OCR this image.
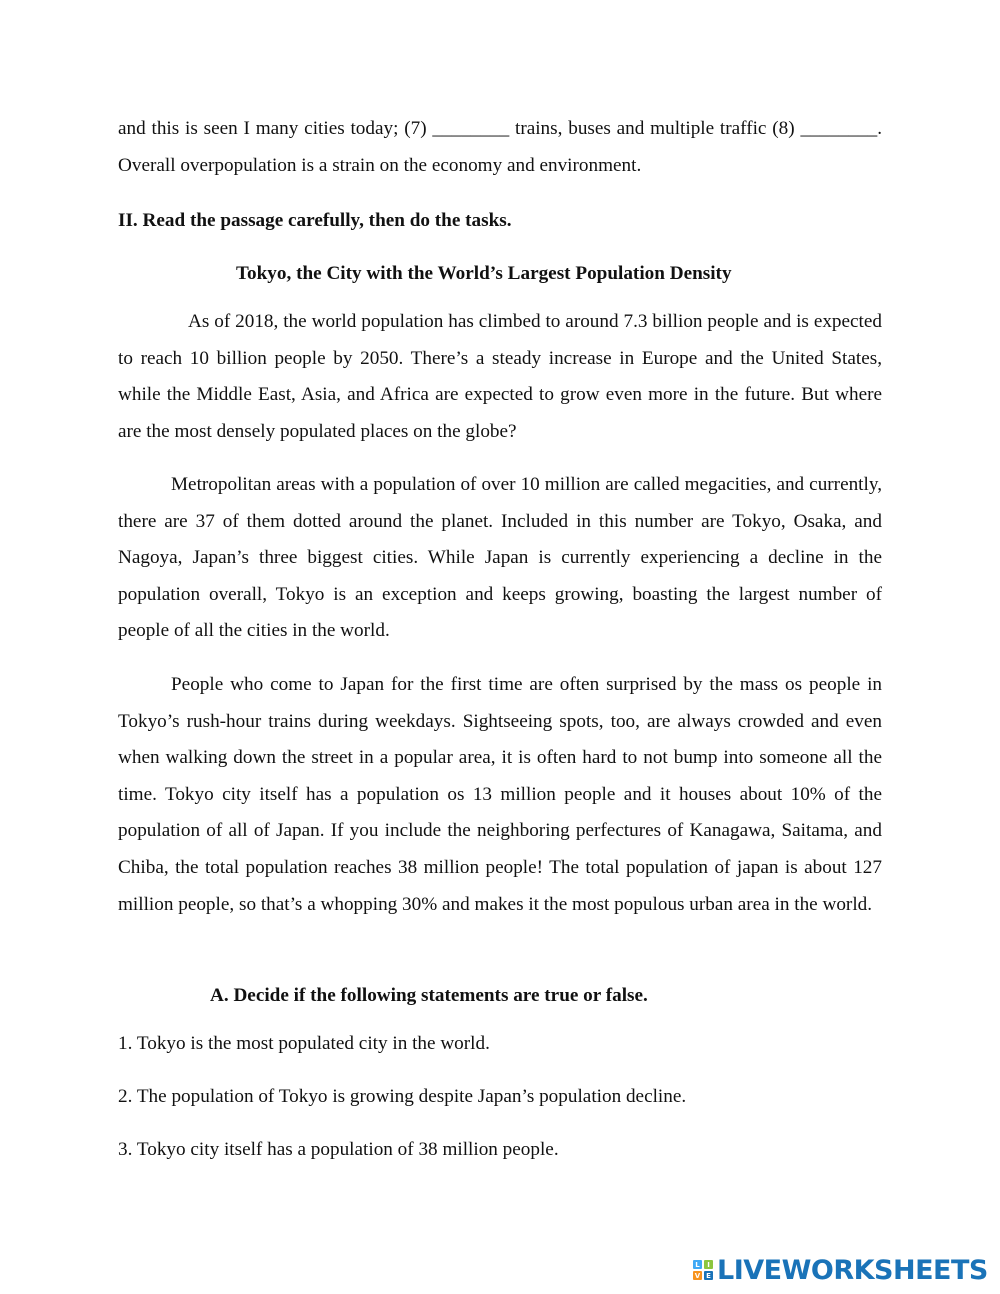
and this is seen I many cities today; (7) ________ trains, buses and multiple traffic (8) ________. Overall overpopulation is a strain on the economy and environment.

II. Read the passage carefully, then do the tasks.

Tokyo, the City with the World’s Largest Population Density

As of 2018, the world population has climbed to around 7.3 billion people and is expected to reach 10 billion people by 2050. There’s a steady increase in Europe and the United States, while the Middle East, Asia, and Africa are expected to grow even more in the future. But where are the most densely populated places on the globe?

Metropolitan areas with a population of over 10 million are called megacities, and currently, there are 37 of them dotted around the planet. Included in this number are Tokyo, Osaka, and Nagoya, Japan’s three biggest cities. While Japan is currently experiencing a decline in the population overall, Tokyo is an exception and keeps growing, boasting the largest number of people of all the cities in the world.

People who come to Japan for the first time are often surprised by the mass os people in Tokyo’s rush-hour trains during weekdays. Sightseeing spots, too, are always crowded and even when walking down the street in a popular area, it is often hard to not bump into someone all the time. Tokyo city itself has a population os 13 million people and it houses about 10% of the population of all of Japan. If you include the neighboring perfectures of Kanagawa, Saitama, and Chiba, the total population reaches 38 million people! The total population of japan is about 127 million people, so that’s a whopping 30% and makes it the most populous urban area in the world.

A. Decide if the following statements are true or false.

1. Tokyo is the most populated city in the world.

2. The population of Tokyo is growing despite Japan’s population decline.

3. Tokyo city itself has a population of 38 million people.

L	I
V E LIVEWORKSHEETS
